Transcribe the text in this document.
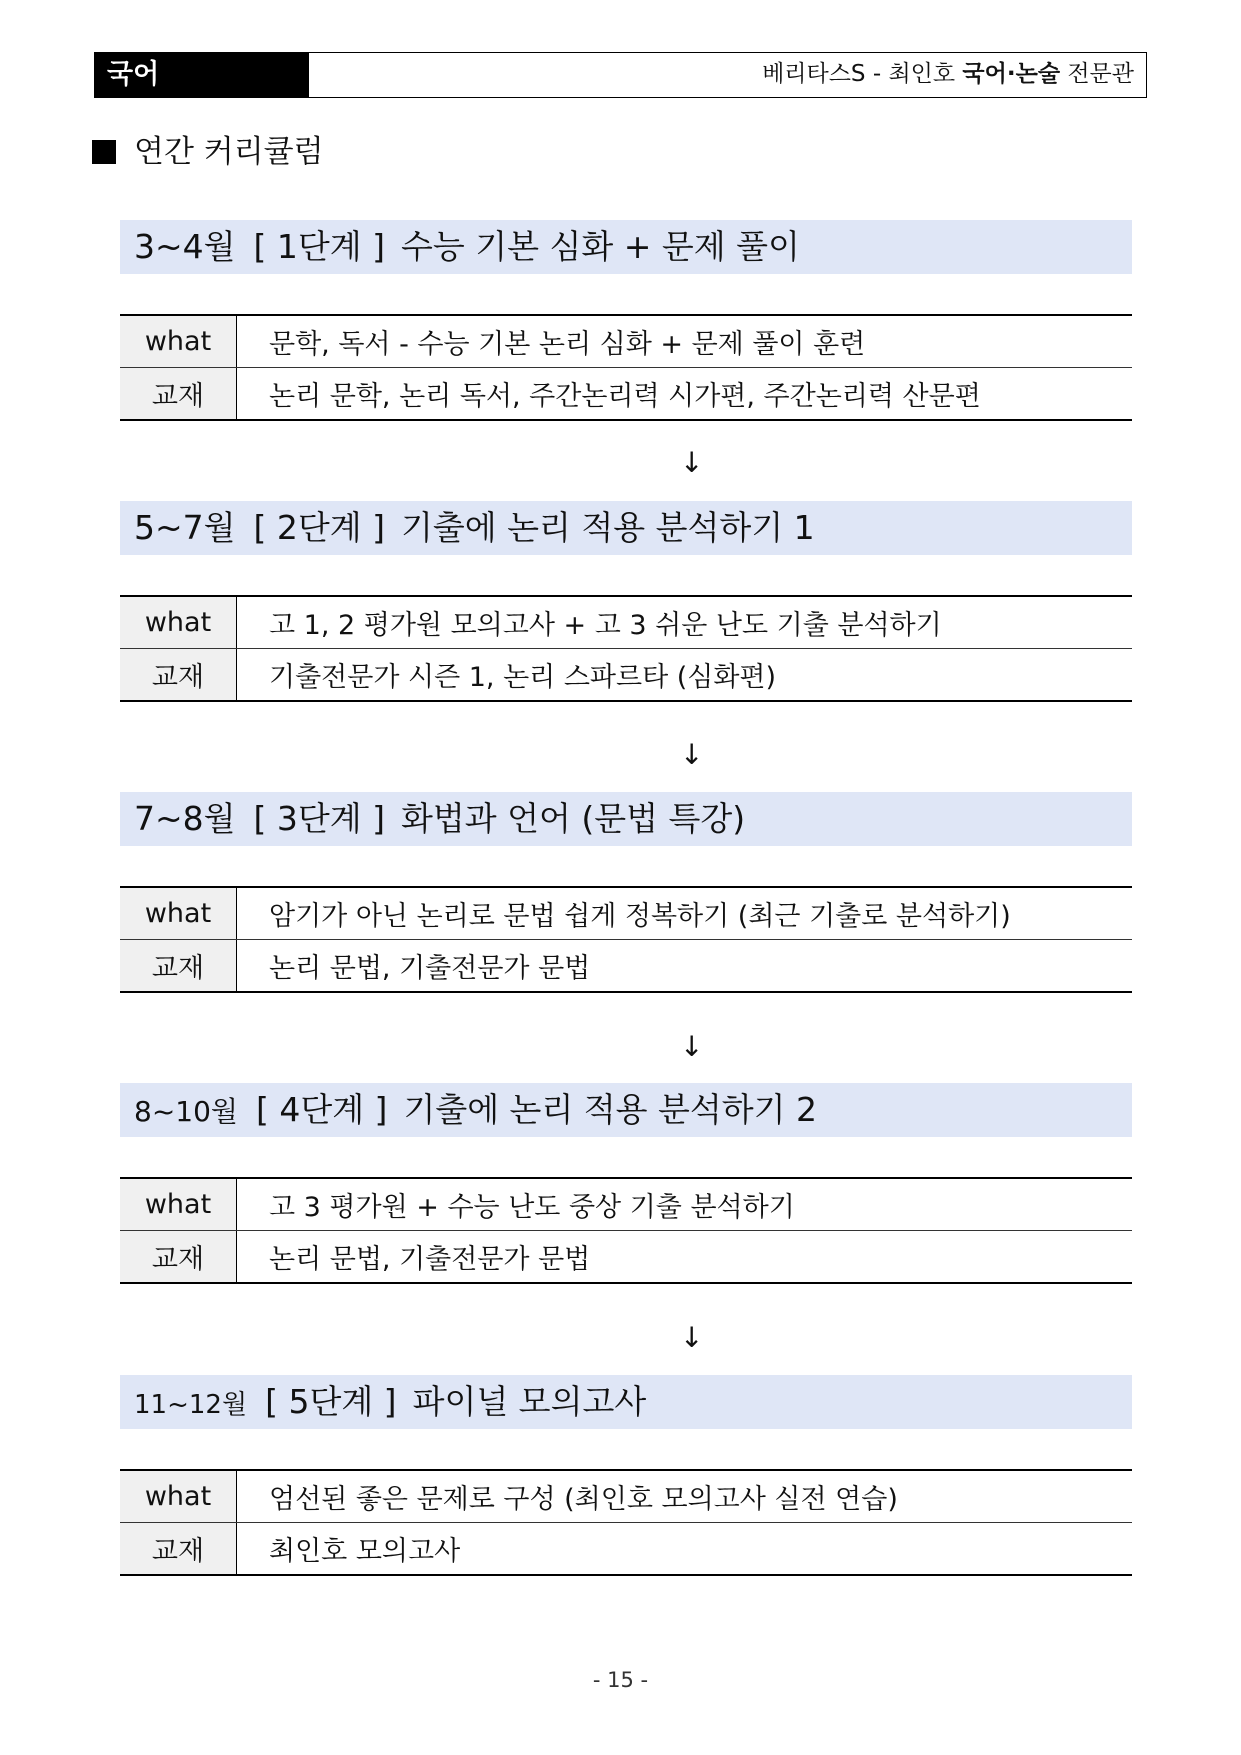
국어	베리타스S - 최인호 국어·논술 전문관
연간 커리큘럼
3~4월 [ 1단계 ] 수능 기본 심화 + 문제 풀이
what	문학, 독서 - 수능 기본 논리 심화 + 문제 풀이 훈련
교재	논리 문학, 논리 독서, 주간논리력 시가편, 주간논리력 산문편
↓
5~7월 [ 2단계 ] 기출에 논리 적용 분석하기 1
what	고 1, 2 평가원 모의고사 + 고 3 쉬운 난도 기출 분석하기
교재	기출전문가 시즌 1, 논리 스파르타 (심화편)
↓
7~8월 [ 3단계 ] 화법과 언어 (문법 특강)
what	암기가 아닌 논리로 문법 쉽게 정복하기 (최근 기출로 분석하기)
교재	논리 문법, 기출전문가 문법
↓
8~10월 [ 4단계 ] 기출에 논리 적용 분석하기 2
what	고 3 평가원 + 수능 난도 중상 기출 분석하기
교재	논리 문법, 기출전문가 문법
↓
11~12월 [ 5단계 ] 파이널 모의고사
what	엄선된 좋은 문제로 구성 (최인호 모의고사 실전 연습)
교재	최인호 모의고사
- 15 -
